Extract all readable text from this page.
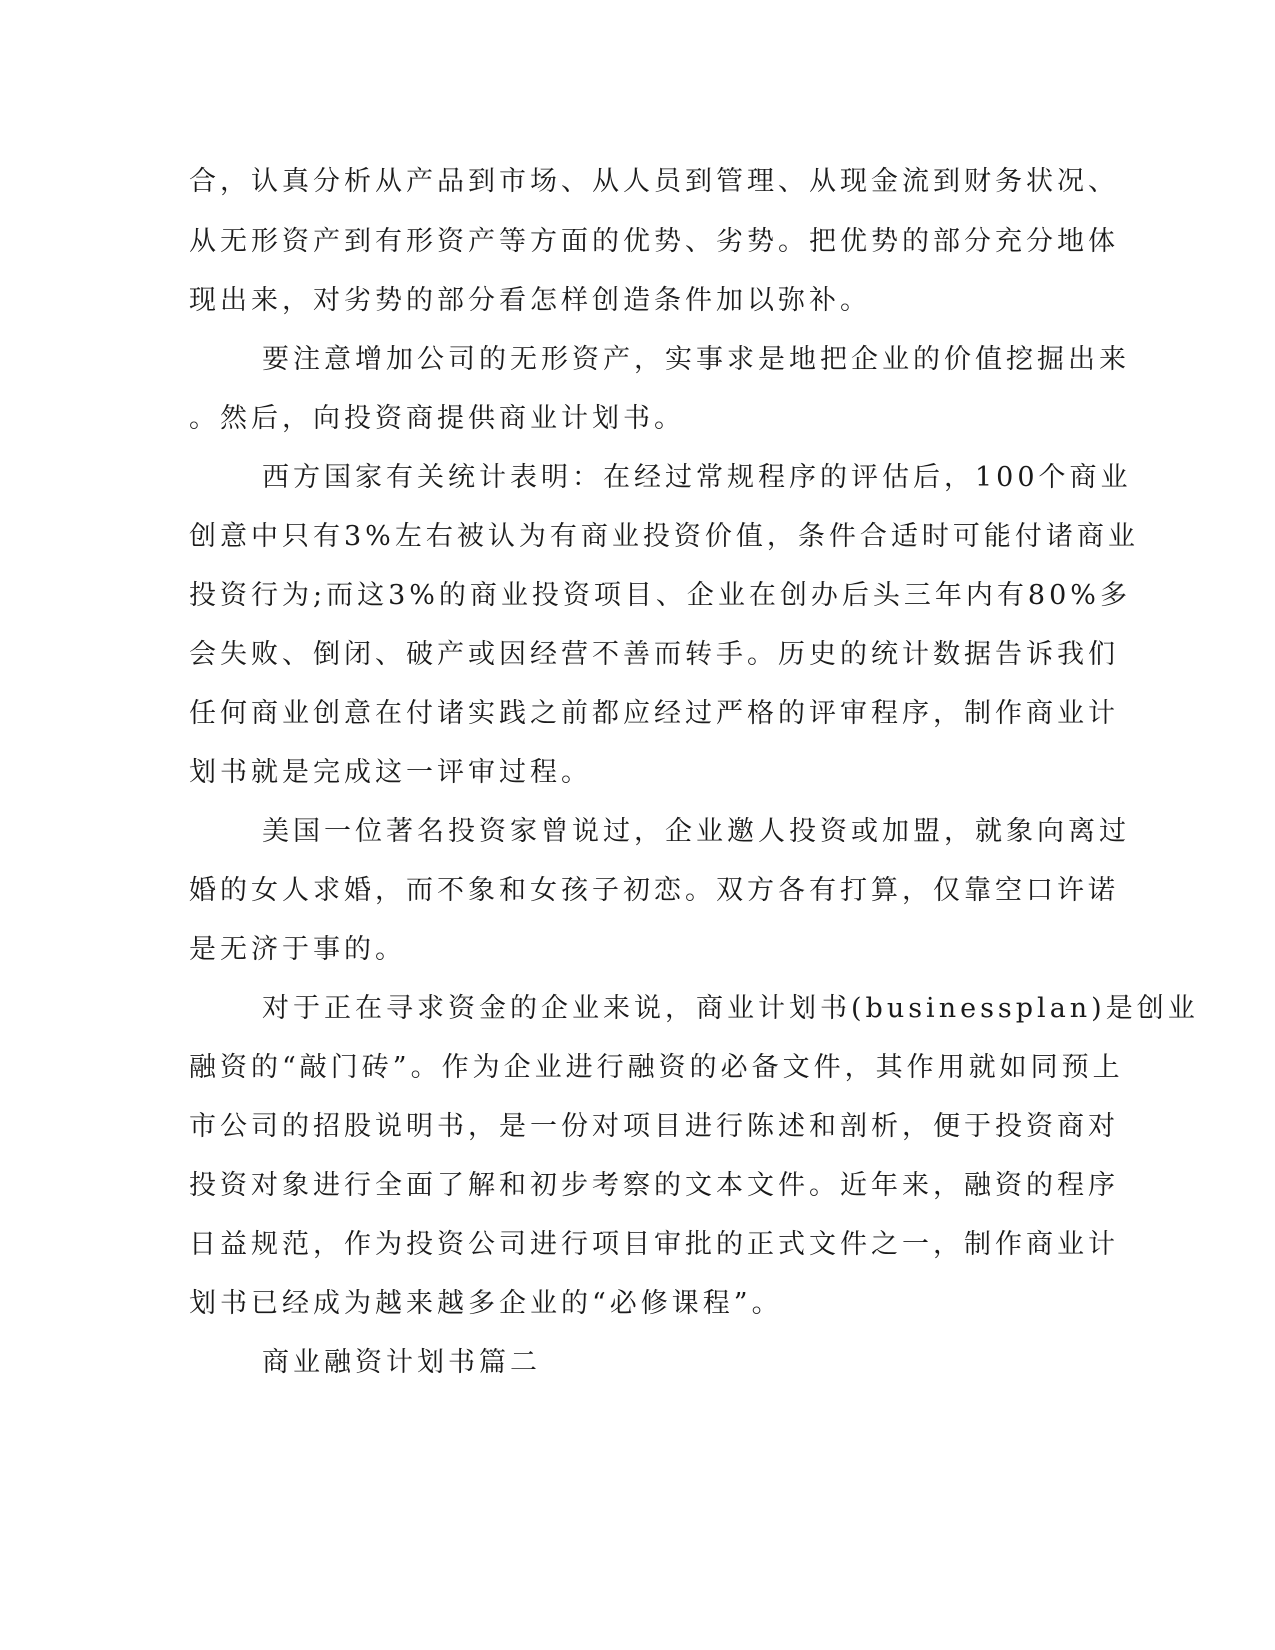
合，认真分析从产品到市场、从人员到管理、从现金流到财务状况、

从无形资产到有形资产等方面的优势、劣势。把优势的部分充分地体

现出来，对劣势的部分看怎样创造条件加以弥补。

要注意增加公司的无形资产，实事求是地把企业的价值挖掘出来

。然后，向投资商提供商业计划书。

西方国家有关统计表明：在经过常规程序的评估后，100个商业

创意中只有3%左右被认为有商业投资价值，条件合适时可能付诸商业

投资行为;而这3%的商业投资项目、企业在创办后头三年内有80%多

会失败、倒闭、破产或因经营不善而转手。历史的统计数据告诉我们

任何商业创意在付诸实践之前都应经过严格的评审程序，制作商业计

划书就是完成这一评审过程。

美国一位著名投资家曾说过，企业邀人投资或加盟，就象向离过

婚的女人求婚，而不象和女孩子初恋。双方各有打算，仅靠空口许诺

是无济于事的。

对于正在寻求资金的企业来说，商业计划书(businessplan)是创业

融资的“敲门砖”。作为企业进行融资的必备文件，其作用就如同预上

市公司的招股说明书，是一份对项目进行陈述和剖析，便于投资商对

投资对象进行全面了解和初步考察的文本文件。近年来，融资的程序

日益规范，作为投资公司进行项目审批的正式文件之一，制作商业计

划书已经成为越来越多企业的“必修课程”。

商业融资计划书篇二
